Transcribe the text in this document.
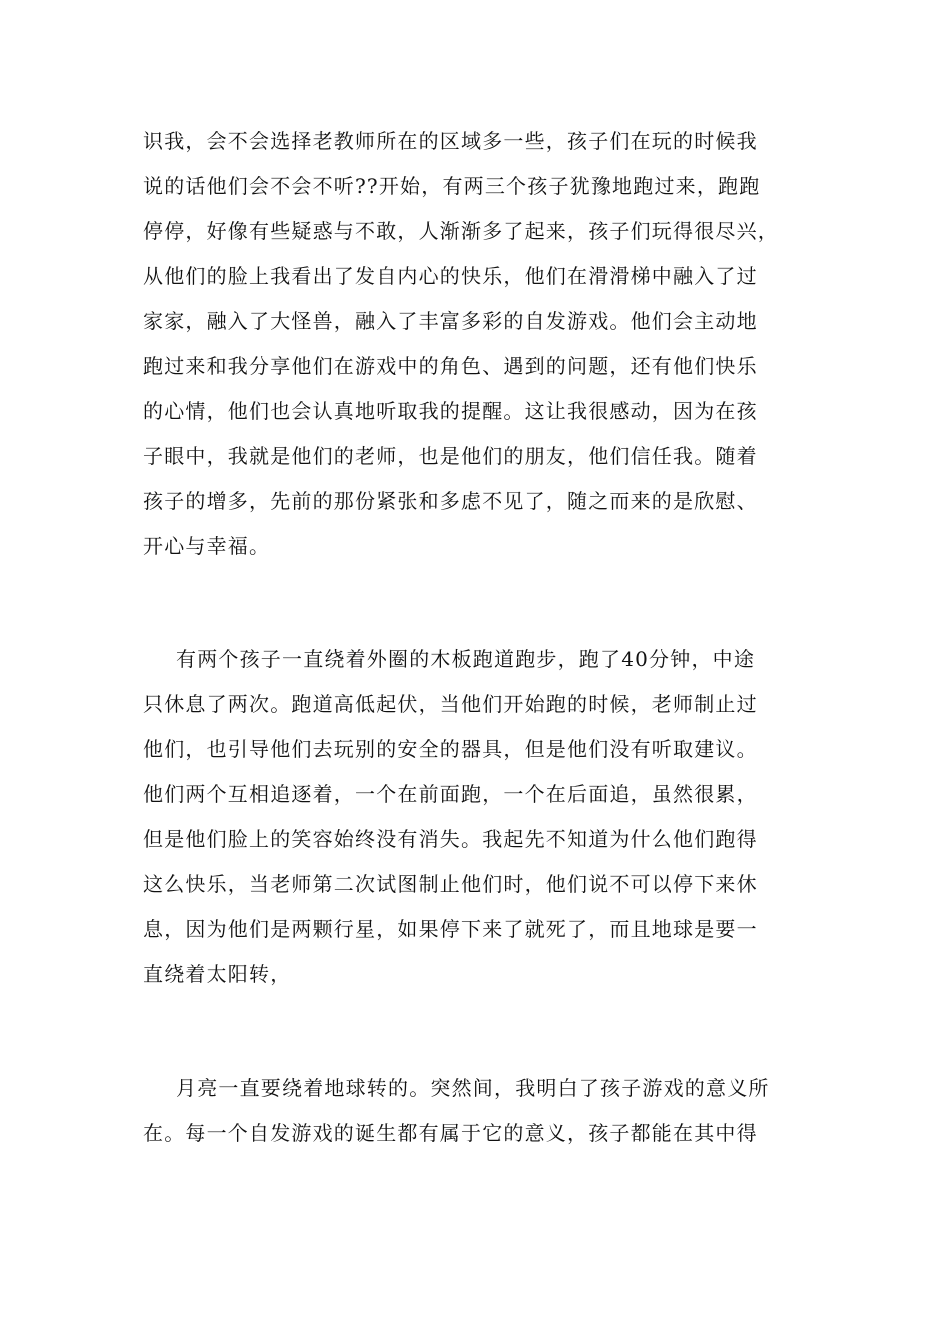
识我，会不会选择老教师所在的区域多一些，孩子们在玩的时候我

说的话他们会不会不听??开始，有两三个孩子犹豫地跑过来，跑跑

停停，好像有些疑惑与不敢，人渐渐多了起来，孩子们玩得很尽兴，

从他们的脸上我看出了发自内心的快乐，他们在滑滑梯中融入了过

家家，融入了大怪兽，融入了丰富多彩的自发游戏。他们会主动地

跑过来和我分享他们在游戏中的角色、遇到的问题，还有他们快乐

的心情，他们也会认真地听取我的提醒。这让我很感动，因为在孩

子眼中，我就是他们的老师，也是他们的朋友，他们信任我。随着

孩子的增多，先前的那份紧张和多虑不见了，随之而来的是欣慰、

开心与幸福。

有两个孩子一直绕着外圈的木板跑道跑步，跑了40分钟，中途

只休息了两次。跑道高低起伏，当他们开始跑的时候，老师制止过

他们，也引导他们去玩别的安全的器具，但是他们没有听取建议。

他们两个互相追逐着，一个在前面跑，一个在后面追，虽然很累，

但是他们脸上的笑容始终没有消失。我起先不知道为什么他们跑得

这么快乐，当老师第二次试图制止他们时，他们说不可以停下来休

息，因为他们是两颗行星，如果停下来了就死了，而且地球是要一

直绕着太阳转，

月亮一直要绕着地球转的。突然间，我明白了孩子游戏的意义所

在。每一个自发游戏的诞生都有属于它的意义，孩子都能在其中得
